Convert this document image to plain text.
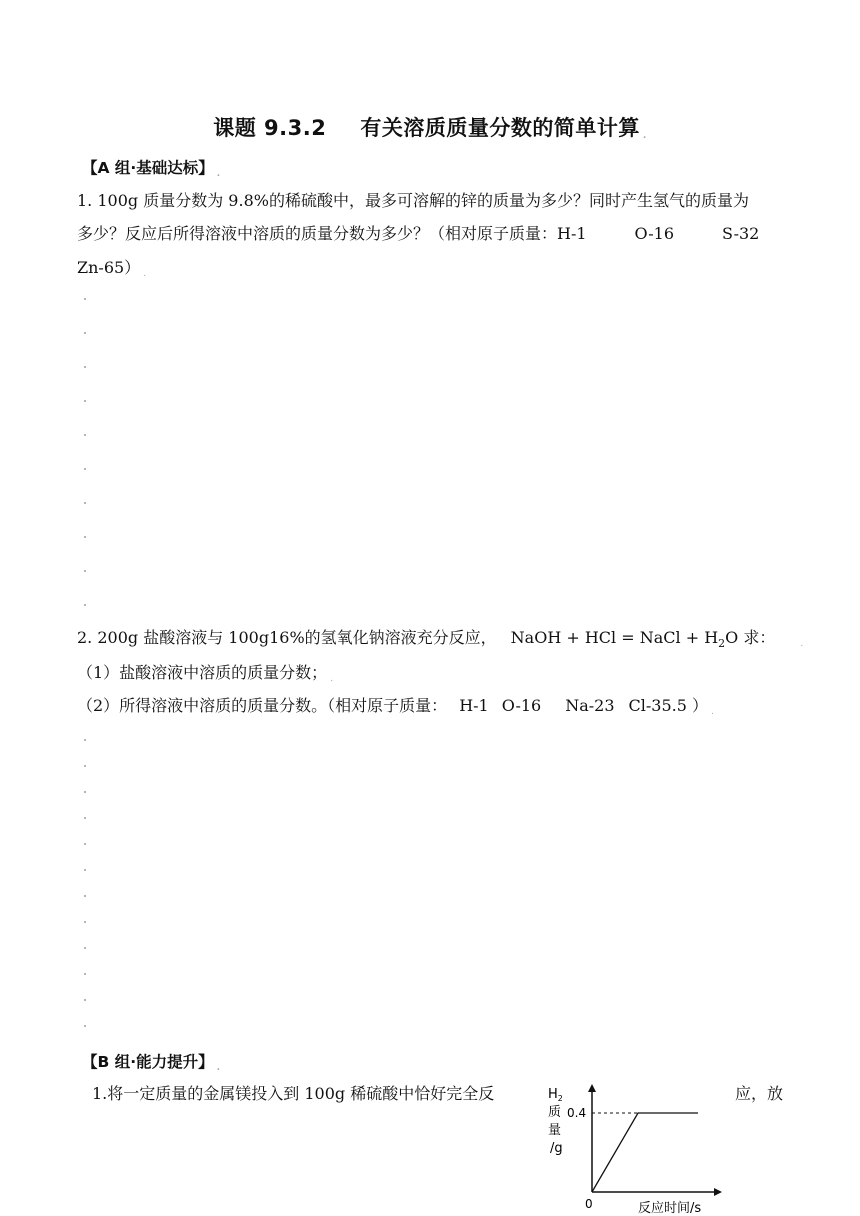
课题 9.3.2 有关溶质质量分数的简单计算 .
【A 组·基础达标】 .
1. 100g 质量分数为 9.8%的稀硫酸中，最多可溶解的锌的质量为多少？同时产生氢气的质量为
多少？反应后所得溶液中溶质的质量分数为多少？（相对原子质量：H-1	O-16	S-32
Zn-65） .
2. 200g 盐酸溶液与 100g16%的氢氧化钠溶液充分反应， NaOH + HCl = NaCl + $H_2O$ 求：	.
（1）盐酸溶液中溶质的质量分数； .
（2）所得溶液中溶质的质量分数。（相对原子质量： H-1 O-16 Na-23 Cl-35.5 ） .
【B 组·能力提升】 .
1.将一定质量的金属镁投入到 100g 稀硫酸中恰好完全反	应，放
$H_2$
质
量
/g
0.4
0	反应时间/s
